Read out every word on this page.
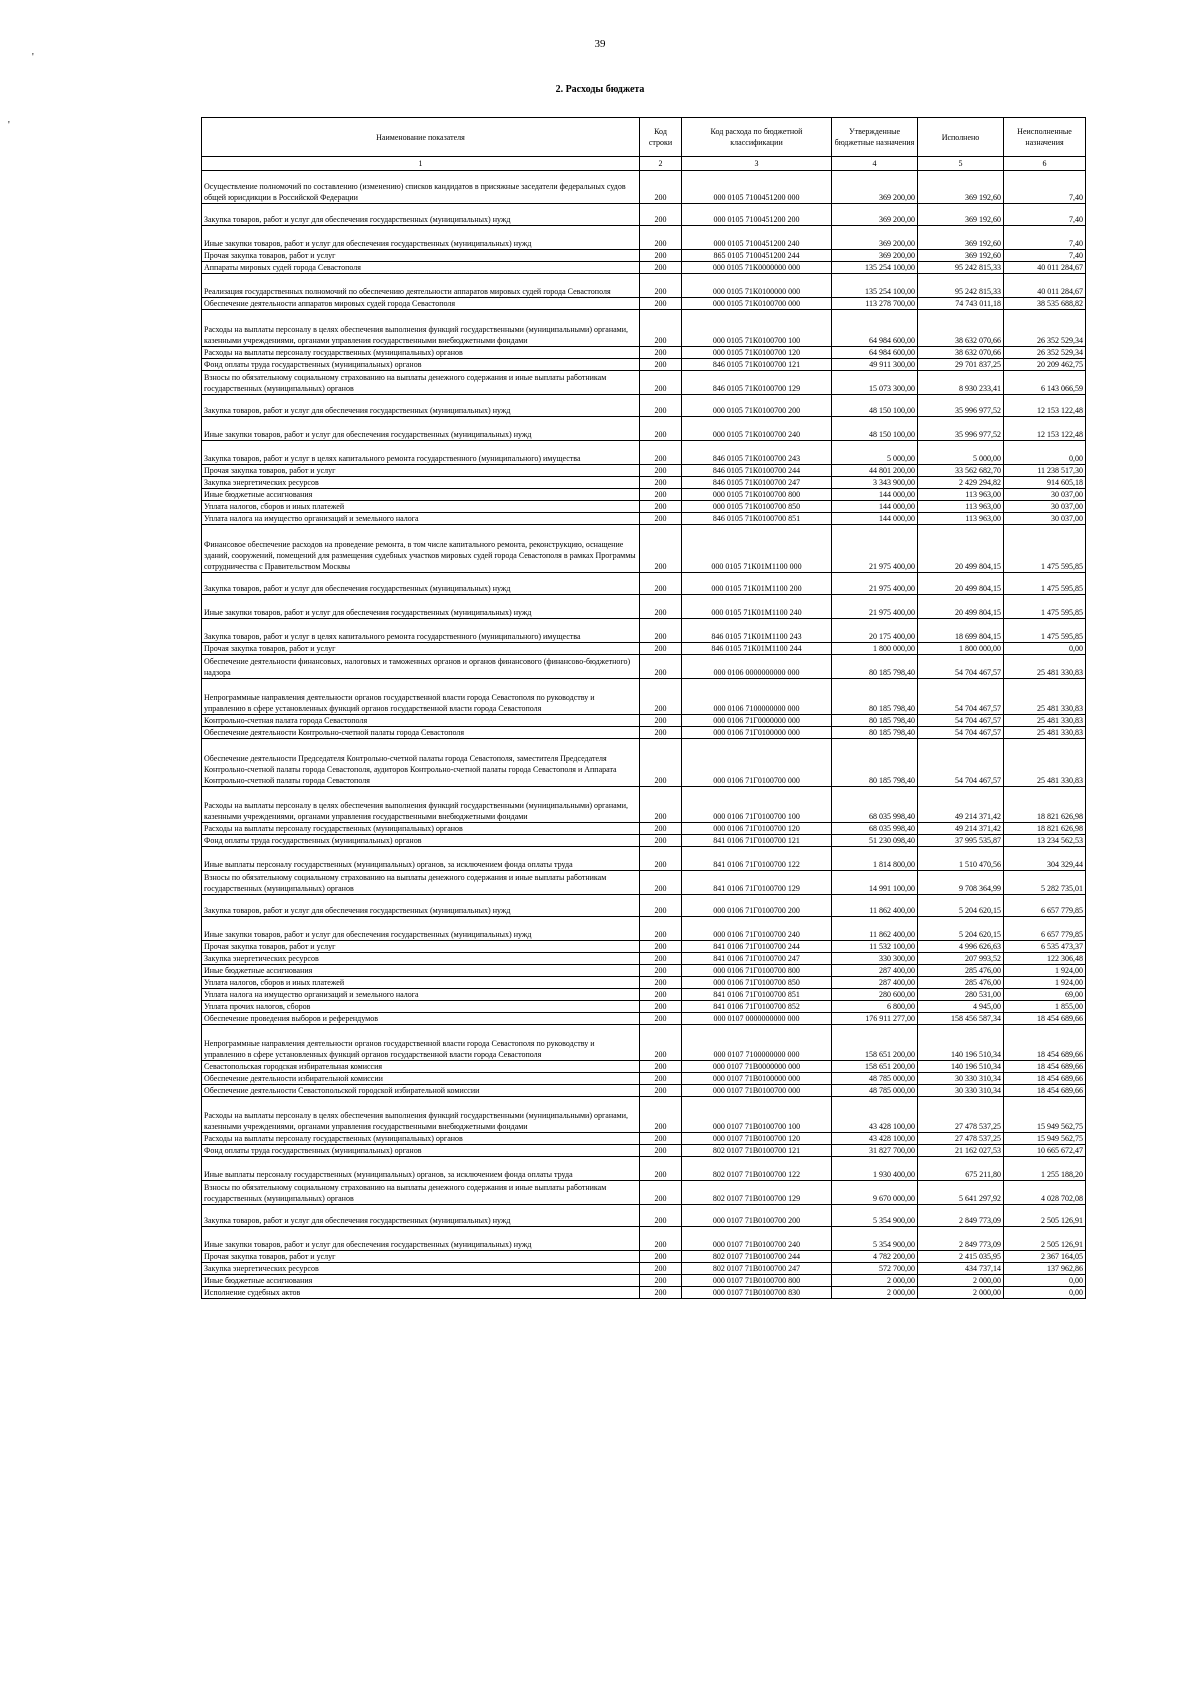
39
'
'
2. Расходы бюджета
Наименование показателя	Код строки	Код расхода по бюджетной классификации	Утвержденные бюджетные назначения	Исполнено	Неисполненные назначения
1	2	3	4	5	6
Осуществление полномочий по составлению (изменению) списков кандидатов в присяжные заседатели федеральных судов общей юрисдикции в Российской Федерации	200	000 0105 7100451200 000	369 200,00	369 192,60	7,40
Закупка товаров, работ и услуг для обеспечения государственных (муниципальных) нужд	200	000 0105 7100451200 200	369 200,00	369 192,60	7,40
Иные закупки товаров, работ и услуг для обеспечения государственных (муниципальных) нужд	200	000 0105 7100451200 240	369 200,00	369 192,60	7,40
Прочая закупка товаров, работ и услуг	200	865 0105 7100451200 244	369 200,00	369 192,60	7,40
Аппараты мировых судей города Севастополя	200	000 0105 71К0000000 000	135 254 100,00	95 242 815,33	40 011 284,67
Реализация государственных полномочий по обеспечению деятельности аппаратов мировых судей города Севастополя	200	000 0105 71К0100000 000	135 254 100,00	95 242 815,33	40 011 284,67
Обеспечение деятельности аппаратов мировых судей города Севастополя	200	000 0105 71К0100700 000	113 278 700,00	74 743 011,18	38 535 688,82
Расходы на выплаты персоналу в целях обеспечения выполнения функций государственными (муниципальными) органами, казенными учреждениями, органами управления государственными внебюджетными фондами	200	000 0105 71К0100700 100	64 984 600,00	38 632 070,66	26 352 529,34
Расходы на выплаты персоналу государственных (муниципальных) органов	200	000 0105 71К0100700 120	64 984 600,00	38 632 070,66	26 352 529,34
Фонд оплаты труда государственных (муниципальных) органов	200	846 0105 71К0100700 121	49 911 300,00	29 701 837,25	20 209 462,75
Взносы по обязательному социальному страхованию на выплаты денежного содержания и иные выплаты работникам государственных (муниципальных) органов	200	846 0105 71К0100700 129	15 073 300,00	8 930 233,41	6 143 066,59
Закупка товаров, работ и услуг для обеспечения государственных (муниципальных) нужд	200	000 0105 71К0100700 200	48 150 100,00	35 996 977,52	12 153 122,48
Иные закупки товаров, работ и услуг для обеспечения государственных (муниципальных) нужд	200	000 0105 71К0100700 240	48 150 100,00	35 996 977,52	12 153 122,48
Закупка товаров, работ и услуг в целях капитального ремонта государственного (муниципального) имущества	200	846 0105 71К0100700 243	5 000,00	5 000,00	0,00
Прочая закупка товаров, работ и услуг	200	846 0105 71К0100700 244	44 801 200,00	33 562 682,70	11 238 517,30
Закупка энергетических ресурсов	200	846 0105 71К0100700 247	3 343 900,00	2 429 294,82	914 605,18
Иные бюджетные ассигнования	200	000 0105 71К0100700 800	144 000,00	113 963,00	30 037,00
Уплата налогов, сборов и иных платежей	200	000 0105 71К0100700 850	144 000,00	113 963,00	30 037,00
Уплата налога на имущество организаций и земельного налога	200	846 0105 71К0100700 851	144 000,00	113 963,00	30 037,00
Финансовое обеспечение расходов на проведение ремонта, в том числе капитального ремонта, реконструкцию, оснащение зданий, сооружений, помещений для размещения судебных участков мировых судей города Севастополя в рамках Программы сотрудничества с Правительством Москвы	200	000 0105 71К01М1100 000	21 975 400,00	20 499 804,15	1 475 595,85
Закупка товаров, работ и услуг для обеспечения государственных (муниципальных) нужд	200	000 0105 71К01М1100 200	21 975 400,00	20 499 804,15	1 475 595,85
Иные закупки товаров, работ и услуг для обеспечения государственных (муниципальных) нужд	200	000 0105 71К01М1100 240	21 975 400,00	20 499 804,15	1 475 595,85
Закупка товаров, работ и услуг в целях капитального ремонта государственного (муниципального) имущества	200	846 0105 71К01М1100 243	20 175 400,00	18 699 804,15	1 475 595,85
Прочая закупка товаров, работ и услуг	200	846 0105 71К01М1100 244	1 800 000,00	1 800 000,00	0,00
Обеспечение деятельности финансовых, налоговых и таможенных органов и органов финансового (финансово-бюджетного) надзора	200	000 0106 0000000000 000	80 185 798,40	54 704 467,57	25 481 330,83
Непрограммные направления деятельности органов государственной власти города Севастополя по руководству и управлению в сфере установленных функций органов государственной власти города Севастополя	200	000 0106 7100000000 000	80 185 798,40	54 704 467,57	25 481 330,83
Контрольно-счетная палата города Севастополя	200	000 0106 71Г0000000 000	80 185 798,40	54 704 467,57	25 481 330,83
Обеспечение деятельности Контрольно-счетной палаты города Севастополя	200	000 0106 71Г0100000 000	80 185 798,40	54 704 467,57	25 481 330,83
Обеспечение деятельности Председателя Контрольно-счетной палаты города Севастополя, заместителя Председателя Контрольно-счетной палаты города Севастополя, аудиторов Контрольно-счетной палаты города Севастополя и Аппарата Контрольно-счетной палаты города Севастополя	200	000 0106 71Г0100700 000	80 185 798,40	54 704 467,57	25 481 330,83
Расходы на выплаты персоналу в целях обеспечения выполнения функций государственными (муниципальными) органами, казенными учреждениями, органами управления государственными внебюджетными фондами	200	000 0106 71Г0100700 100	68 035 998,40	49 214 371,42	18 821 626,98
Расходы на выплаты персоналу государственных (муниципальных) органов	200	000 0106 71Г0100700 120	68 035 998,40	49 214 371,42	18 821 626,98
Фонд оплаты труда государственных (муниципальных) органов	200	841 0106 71Г0100700 121	51 230 098,40	37 995 535,87	13 234 562,53
Иные выплаты персоналу государственных (муниципальных) органов, за исключением фонда оплаты труда	200	841 0106 71Г0100700 122	1 814 800,00	1 510 470,56	304 329,44
Взносы по обязательному социальному страхованию на выплаты денежного содержания и иные выплаты работникам государственных (муниципальных) органов	200	841 0106 71Г0100700 129	14 991 100,00	9 708 364,99	5 282 735,01
Закупка товаров, работ и услуг для обеспечения государственных (муниципальных) нужд	200	000 0106 71Г0100700 200	11 862 400,00	5 204 620,15	6 657 779,85
Иные закупки товаров, работ и услуг для обеспечения государственных (муниципальных) нужд	200	000 0106 71Г0100700 240	11 862 400,00	5 204 620,15	6 657 779,85
Прочая закупка товаров, работ и услуг	200	841 0106 71Г0100700 244	11 532 100,00	4 996 626,63	6 535 473,37
Закупка энергетических ресурсов	200	841 0106 71Г0100700 247	330 300,00	207 993,52	122 306,48
Иные бюджетные ассигнования	200	000 0106 71Г0100700 800	287 400,00	285 476,00	1 924,00
Уплата налогов, сборов и иных платежей	200	000 0106 71Г0100700 850	287 400,00	285 476,00	1 924,00
Уплата налога на имущество организаций и земельного налога	200	841 0106 71Г0100700 851	280 600,00	280 531,00	69,00
Уплата прочих налогов, сборов	200	841 0106 71Г0100700 852	6 800,00	4 945,00	1 855,00
Обеспечение проведения выборов и референдумов	200	000 0107 0000000000 000	176 911 277,00	158 456 587,34	18 454 689,66
Непрограммные направления деятельности органов государственной власти города Севастополя по руководству и управлению в сфере установленных функций органов государственной власти города Севастополя	200	000 0107 7100000000 000	158 651 200,00	140 196 510,34	18 454 689,66
Севастопольская городская избирательная комиссия	200	000 0107 71В0000000 000	158 651 200,00	140 196 510,34	18 454 689,66
Обеспечение деятельности избирательной комиссии	200	000 0107 71В0100000 000	48 785 000,00	30 330 310,34	18 454 689,66
Обеспечение деятельности Севастопольской городской избирательной комиссии	200	000 0107 71В0100700 000	48 785 000,00	30 330 310,34	18 454 689,66
Расходы на выплаты персоналу в целях обеспечения выполнения функций государственными (муниципальными) органами, казенными учреждениями, органами управления государственными внебюджетными фондами	200	000 0107 71В0100700 100	43 428 100,00	27 478 537,25	15 949 562,75
Расходы на выплаты персоналу государственных (муниципальных) органов	200	000 0107 71В0100700 120	43 428 100,00	27 478 537,25	15 949 562,75
Фонд оплаты труда государственных (муниципальных) органов	200	802 0107 71В0100700 121	31 827 700,00	21 162 027,53	10 665 672,47
Иные выплаты персоналу государственных (муниципальных) органов, за исключением фонда оплаты труда	200	802 0107 71В0100700 122	1 930 400,00	675 211,80	1 255 188,20
Взносы по обязательному социальному страхованию на выплаты денежного содержания и иные выплаты работникам государственных (муниципальных) органов	200	802 0107 71В0100700 129	9 670 000,00	5 641 297,92	4 028 702,08
Закупка товаров, работ и услуг для обеспечения государственных (муниципальных) нужд	200	000 0107 71В0100700 200	5 354 900,00	2 849 773,09	2 505 126,91
Иные закупки товаров, работ и услуг для обеспечения государственных (муниципальных) нужд	200	000 0107 71В0100700 240	5 354 900,00	2 849 773,09	2 505 126,91
Прочая закупка товаров, работ и услуг	200	802 0107 71В0100700 244	4 782 200,00	2 415 035,95	2 367 164,05
Закупка энергетических ресурсов	200	802 0107 71В0100700 247	572 700,00	434 737,14	137 962,86
Иные бюджетные ассигнования	200	000 0107 71В0100700 800	2 000,00	2 000,00	0,00
Исполнение судебных актов	200	000 0107 71В0100700 830	2 000,00	2 000,00	0,00
